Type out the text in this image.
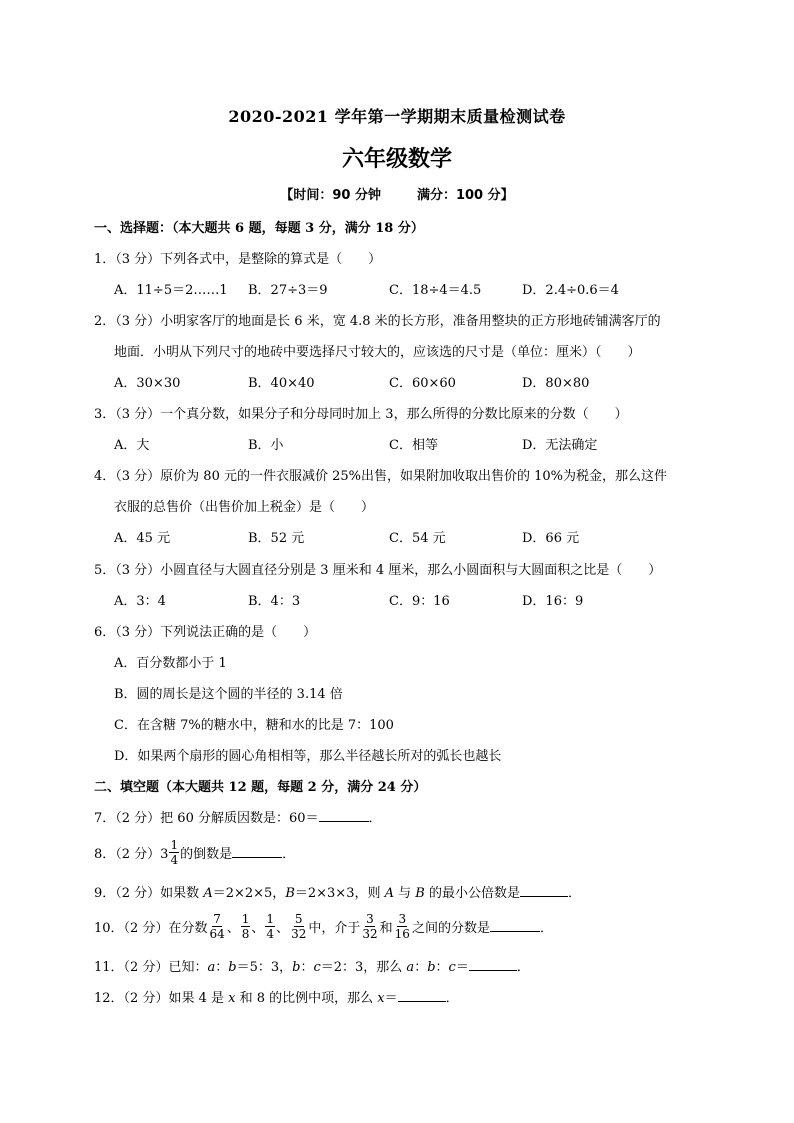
2020-2021 学年第一学期期末质量检测试卷
六年级数学
【时间：90 分钟	满分：100 分】
一、选择题：（本大题共 6 题，每题 3 分，满分 18 分）
1．（3 分）下列各式中，是整除的算式是（　　）
A．11÷5＝2……1 B．27÷3＝9	C．18÷4＝4.5	D．2.4÷0.6＝4
2．（3 分）小明家客厅的地面是长 6 米，宽 4.8 米的长方形，准备用整块的正方形地砖铺满客厅的
地面．小明从下列尺寸的地砖中要选择尺寸较大的，应该选的尺寸是（单位：厘米）（　　）
A．30×30	B．40×40	C．60×60	D．80×80
3．（3 分）一个真分数，如果分子和分母同时加上 3，那么所得的分数比原来的分数（　　）
A．大	B．小	C．相等	D．无法确定
4．（3 分）原价为 80 元的一件衣服减价 25%出售，如果附加收取出售价的 10%为税金，那么这件
衣服的总售价（出售价加上税金）是（　　）
A．45 元	B．52 元	C．54 元	D．66 元
5．（3 分）小圆直径与大圆直径分别是 3 厘米和 4 厘米，那么小圆面积与大圆面积之比是（　　）
A．3：4	B．4：3	C．9：16	D．16：9
6．（3 分）下列说法正确的是（　　）
A．百分数都小于 1
B．圆的周长是这个圆的半径的 3.14 倍
C．在含糖 7%的糖水中，糖和水的比是 7：100
D．如果两个扇形的圆心角相相等，那么半径越长所对的弧长也越长
二、填空题（本大题共 12 题，每题 2 分，满分 24 分）
7．（2 分）把 60 分解质因数是：60＝	．
8．（2 分）$3 \frac{1}{4}$ 的倒数是	．
9．（2 分）如果数 A＝2×2×5，B＝2×3×3，则 A 与 B 的最小公倍数是	．
10．（2 分）在分数 $\frac{7}{64}$ 、 $\frac{1}{8}$ 、 $\frac{1}{4}$ 、 $\frac{5}{32}$ 中，介于 $\frac{3}{32}$ 和 $\frac{3}{16}$ 之间的分数是	．
11．（2 分）已知：a：b＝5：3，b：c＝2：3，那么 a：b：c＝	．
12．（2 分）如果 4 是 x 和 8 的比例中项，那么 x＝	．
